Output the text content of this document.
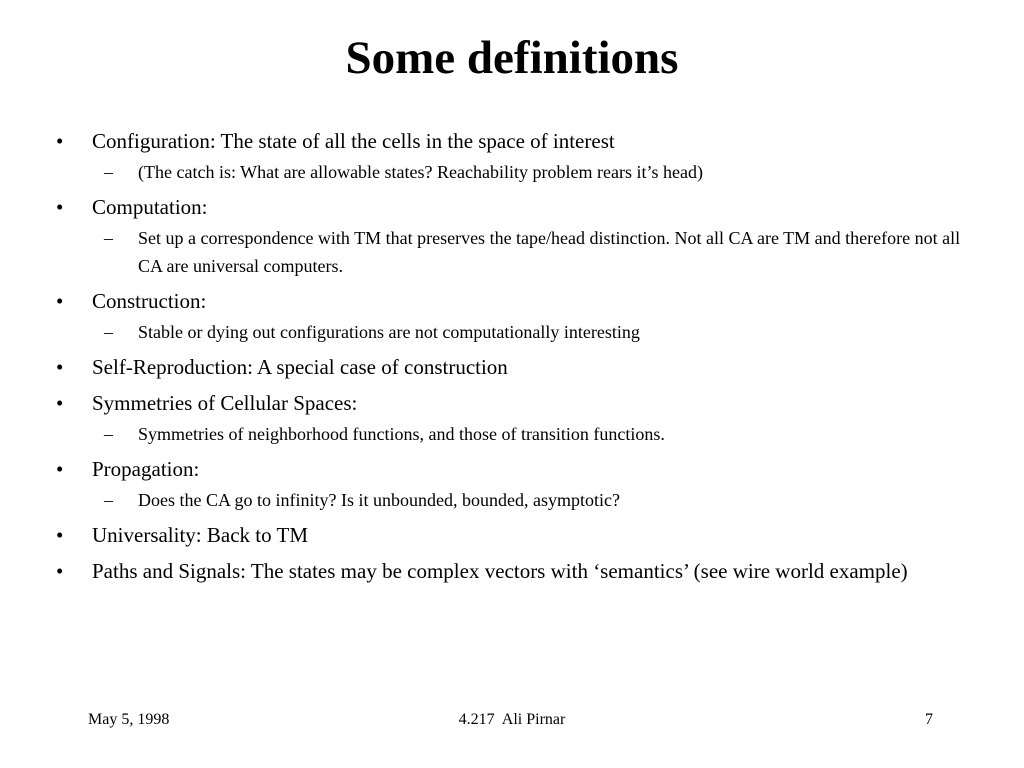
Some definitions
• Configuration: The state of all the cells in the space of interest
– (The catch is: What are allowable states? Reachability problem rears it’s head)
• Computation:
– Set up a correspondence with TM that preserves the tape/head distinction. Not all CA are TM and therefore not all CA are universal computers.
• Construction:
– Stable or dying out configurations are not computationally interesting
• Self-Reproduction: A special case of construction
• Symmetries of Cellular Spaces:
– Symmetries of neighborhood functions, and those of transition functions.
• Propagation:
– Does the CA go to infinity? Is it unbounded, bounded, asymptotic?
• Universality: Back to TM
• Paths and Signals: The states may be complex vectors with ‘semantics’ (see wire world example)
May 5, 1998	4.217  Ali Pirnar	7
